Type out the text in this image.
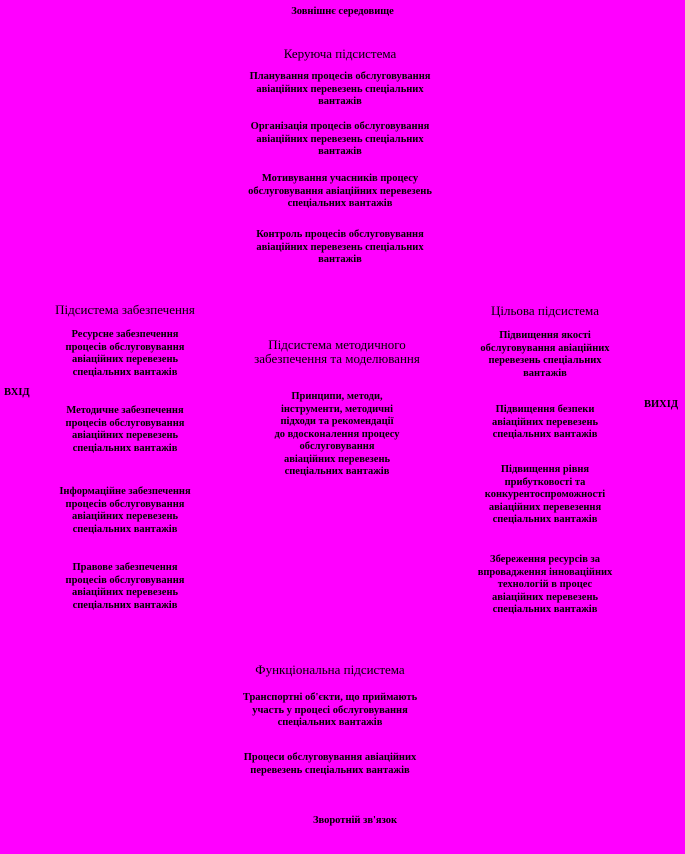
Зовнішнє середовище
Керуюча підсистема
Планування процесів обслуговування
авіаційних перевезень спеціальних
вантажів
Організація процесів обслуговування
авіаційних перевезень спеціальних
вантажів
Мотивування учасників процесу
обслуговування авіаційних перевезень
спеціальних вантажів
Контроль процесів обслуговування
авіаційних перевезень спеціальних
вантажів
Підсистема забезпечення
Ресурсне забезпечення
процесів обслуговування
авіаційних перевезень
спеціальних вантажів
Методичне забезпечення
процесів обслуговування
авіаційних перевезень
спеціальних вантажів
Інформаційне забезпечення
процесів обслуговування
авіаційних перевезень
спеціальних вантажів
Правове забезпечення
процесів обслуговування
авіаційних перевезень
спеціальних вантажів
ВХІД
ВИХІД
Підсистема методичного
забезпечення та моделювання
Принципи, методи,
інструменти, методичні
підходи та рекомендації
до вдосконалення процесу
обслуговування
авіаційних перевезень
спеціальних вантажів
Цільова підсистема
Підвищення якості
обслуговування авіаційних
перевезень спеціальних
вантажів
Підвищення безпеки
авіаційних перевезень
спеціальних вантажів
Підвищення рівня
прибутковості та
конкурентоспроможності
авіаційних перевезення
спеціальних вантажів
Збереження ресурсів за
впровадження інноваційних
технологій в процес
авіаційних перевезень
спеціальних вантажів
Функціональна підсистема
Транспортні об'єкти, що приймають
участь у процесі обслуговування
спеціальних вантажів
Процеси обслуговування авіаційних
перевезень спеціальних вантажів
Зворотній зв'язок
